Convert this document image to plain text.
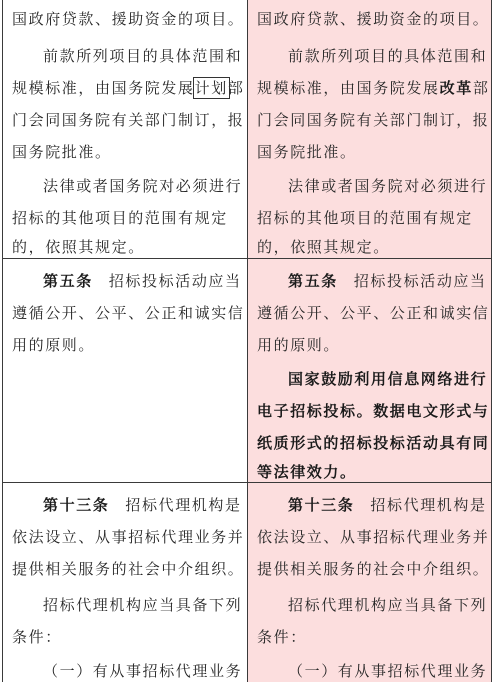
国政府贷款、援助资金的项目。
前款所列项目的具体范围和
规模标准，由国务院发展计划部
门会同国务院有关部门制订，报
国务院批准。
法律或者国务院对必须进行
招标的其他项目的范围有规定
的，依照其规定。
国政府贷款、援助资金的项目。
前款所列项目的具体范围和
规模标准，由国务院发展改革部
门会同国务院有关部门制订，报
国务院批准。
法律或者国务院对必须进行
招标的其他项目的范围有规定
的，依照其规定。
第五条 招标投标活动应当
遵循公开、公平、公正和诚实信
用的原则。
第五条 招标投标活动应当
遵循公开、公平、公正和诚实信
用的原则。
国家鼓励利用信息网络进行
电子招标投标。数据电文形式与
纸质形式的招标投标活动具有同
等法律效力。
第十三条 招标代理机构是
依法设立、从事招标代理业务并
提供相关服务的社会中介组织。
招标代理机构应当具备下列
条件：
（一）有从事招标代理业务
第十三条 招标代理机构是
依法设立、从事招标代理业务并
提供相关服务的社会中介组织。
招标代理机构应当具备下列
条件：
（一）有从事招标代理业务
